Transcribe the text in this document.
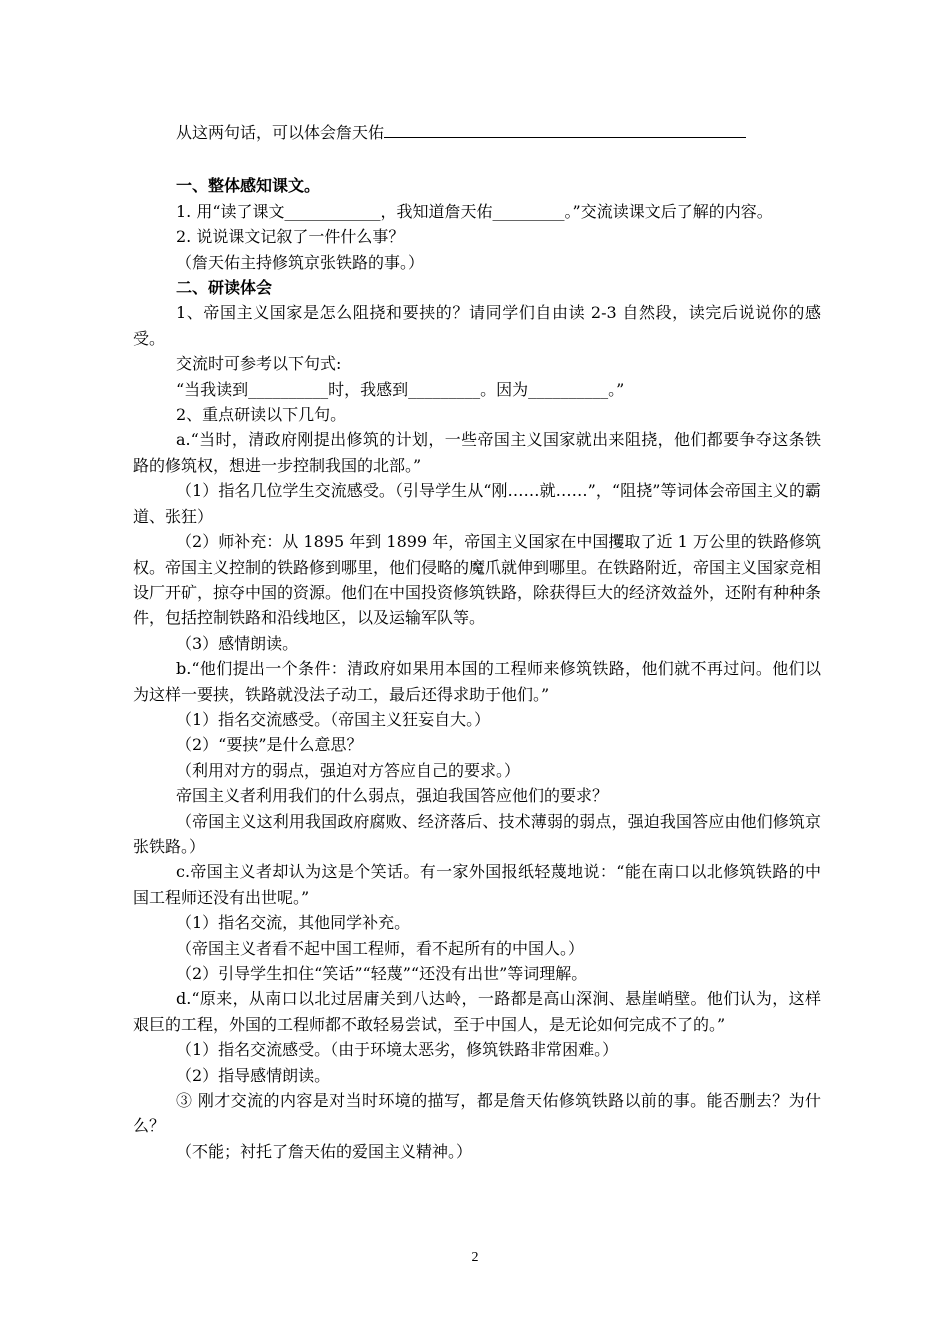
从这两句话，可以体会詹天佑

一、整体感知课文。

1. 用“读了课文____________，我知道詹天佑_________。”交流读课文后了解的内容。

2. 说说课文记叙了一件什么事？

（詹天佑主持修筑京张铁路的事。）

二、研读体会

1、帝国主义国家是怎么阻挠和要挟的？请同学们自由读 2-3 自然段，读完后说说你的感受。

交流时可参考以下句式:

“当我读到__________时，我感到_________。因为__________。”

2、重点研读以下几句。

a.“当时，清政府刚提出修筑的计划，一些帝国主义国家就出来阻挠，他们都要争夺这条铁路的修筑权，想进一步控制我国的北部。”

（1）指名几位学生交流感受。（引导学生从“刚……就……”，“阻挠”等词体会帝国主义的霸道、张狂）

（2）师补充：从 1895 年到 1899 年，帝国主义国家在中国攫取了近 1 万公里的铁路修筑权。帝国主义控制的铁路修到哪里，他们侵略的魔爪就伸到哪里。在铁路附近，帝国主义国家竞相设厂开矿，掠夺中国的资源。他们在中国投资修筑铁路，除获得巨大的经济效益外，还附有种种条件，包括控制铁路和沿线地区，以及运输军队等。

（3）感情朗读。

b.“他们提出一个条件：清政府如果用本国的工程师来修筑铁路，他们就不再过问。他们以为这样一要挟，铁路就没法子动工，最后还得求助于他们。”

（1）指名交流感受。（帝国主义狂妄自大。）

（2）“要挟”是什么意思？

（利用对方的弱点，强迫对方答应自己的要求。）

帝国主义者利用我们的什么弱点，强迫我国答应他们的要求？

（帝国主义这利用我国政府腐败、经济落后、技术薄弱的弱点，强迫我国答应由他们修筑京张铁路。）

c.帝国主义者却认为这是个笑话。有一家外国报纸轻蔑地说：“能在南口以北修筑铁路的中国工程师还没有出世呢。”

（1）指名交流，其他同学补充。

（帝国主义者看不起中国工程师，看不起所有的中国人。）

（2）引导学生扣住“笑话”“轻蔑”“还没有出世”等词理解。

d.“原来，从南口以北过居庸关到八达岭，一路都是高山深涧、悬崖峭壁。他们认为，这样艰巨的工程，外国的工程师都不敢轻易尝试，至于中国人，是无论如何完成不了的。”

（1）指名交流感受。（由于环境太恶劣，修筑铁路非常困难。）

（2）指导感情朗读。

③ 刚才交流的内容是对当时环境的描写，都是詹天佑修筑铁路以前的事。能否删去？为什么？

（不能；衬托了詹天佑的爱国主义精神。）

2
